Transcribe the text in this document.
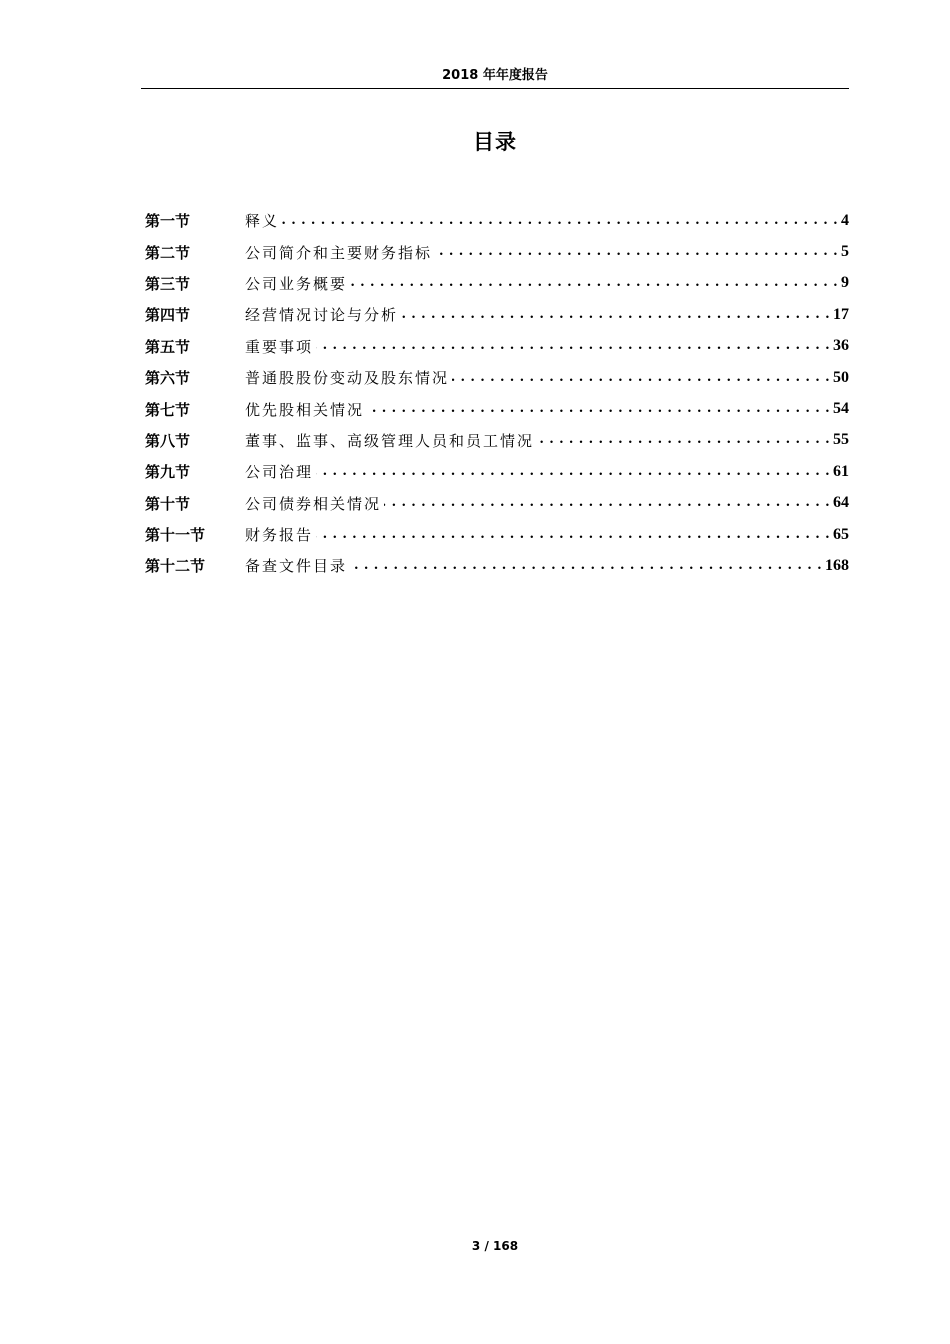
2018 年年度报告
目录
第一节	释义 . . .	4
第二节	公司简介和主要财务指标 . . .	5
第三节	公司业务概要 . . .	9
第四节	经营情况讨论与分析 . . .	17
第五节	重要事项 . . .	36
第六节	普通股股份变动及股东情况 . . .	50
第七节	优先股相关情况 . . .	54
第八节	董事、监事、高级管理人员和员工情况 . . .	55
第九节	公司治理 . . .	61
第十节	公司债券相关情况 . . .	64
第十一节	财务报告 . . .	65
第十二节	备查文件目录 . . .	168
3 / 168
